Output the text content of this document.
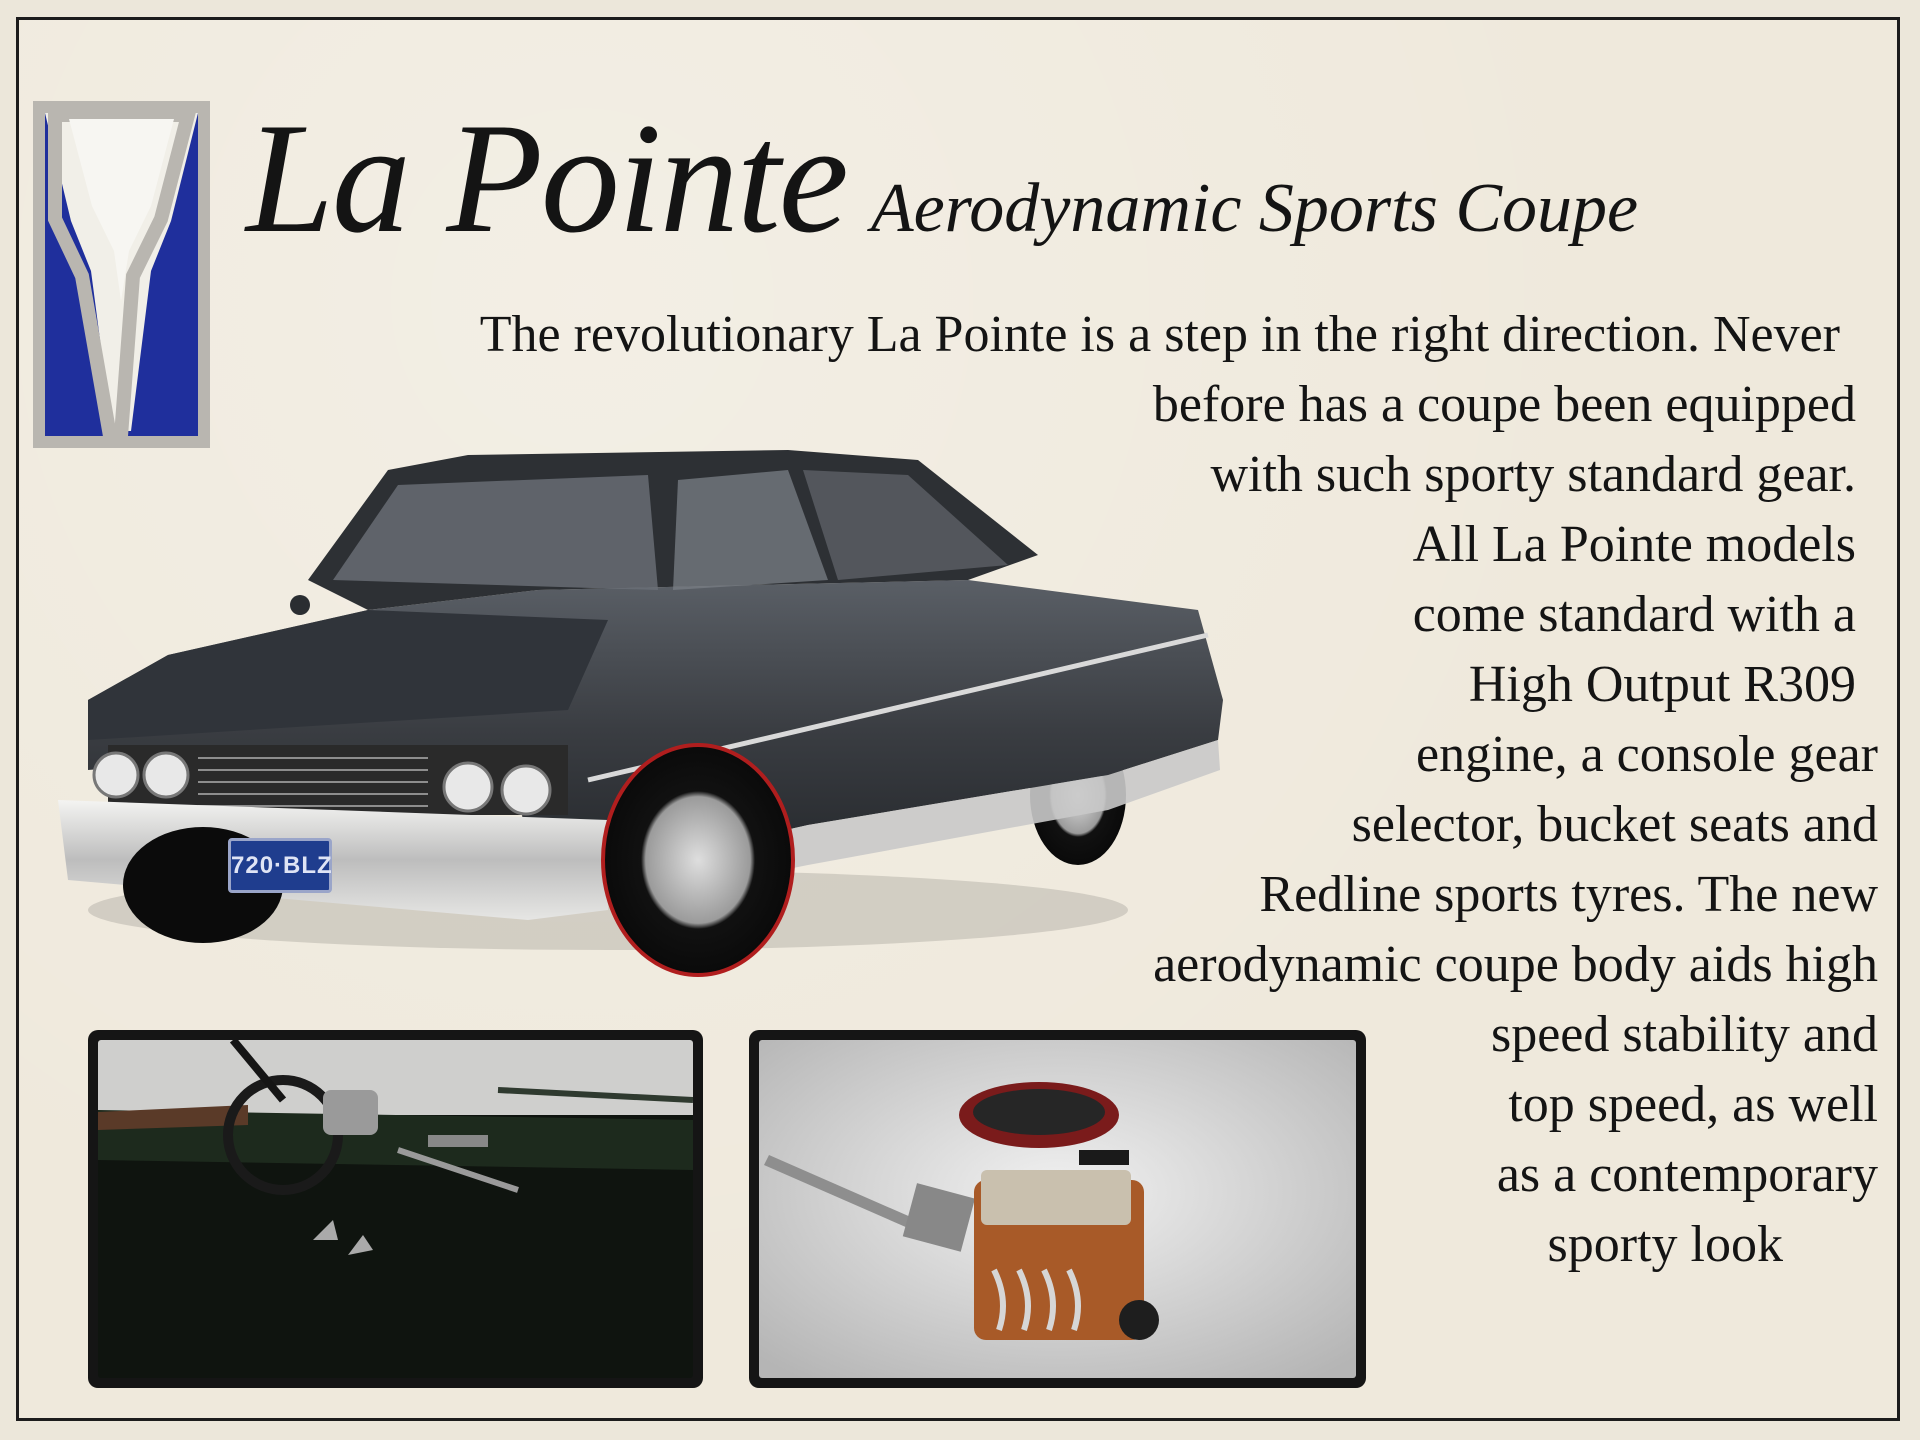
La Pointe Aerodynamic Sports Coupe
The revolutionary La Pointe is a step in the right direction. Never
before has a coupe been equipped
with such sporty standard gear.
All La Pointe models
come standard with a
High Output R309
engine, a console gear
selector, bucket seats and
Redline sports tyres. The new
aerodynamic coupe body aids high
speed stability and
top speed, as well
as a contemporary
sporty look
720·BLZ
